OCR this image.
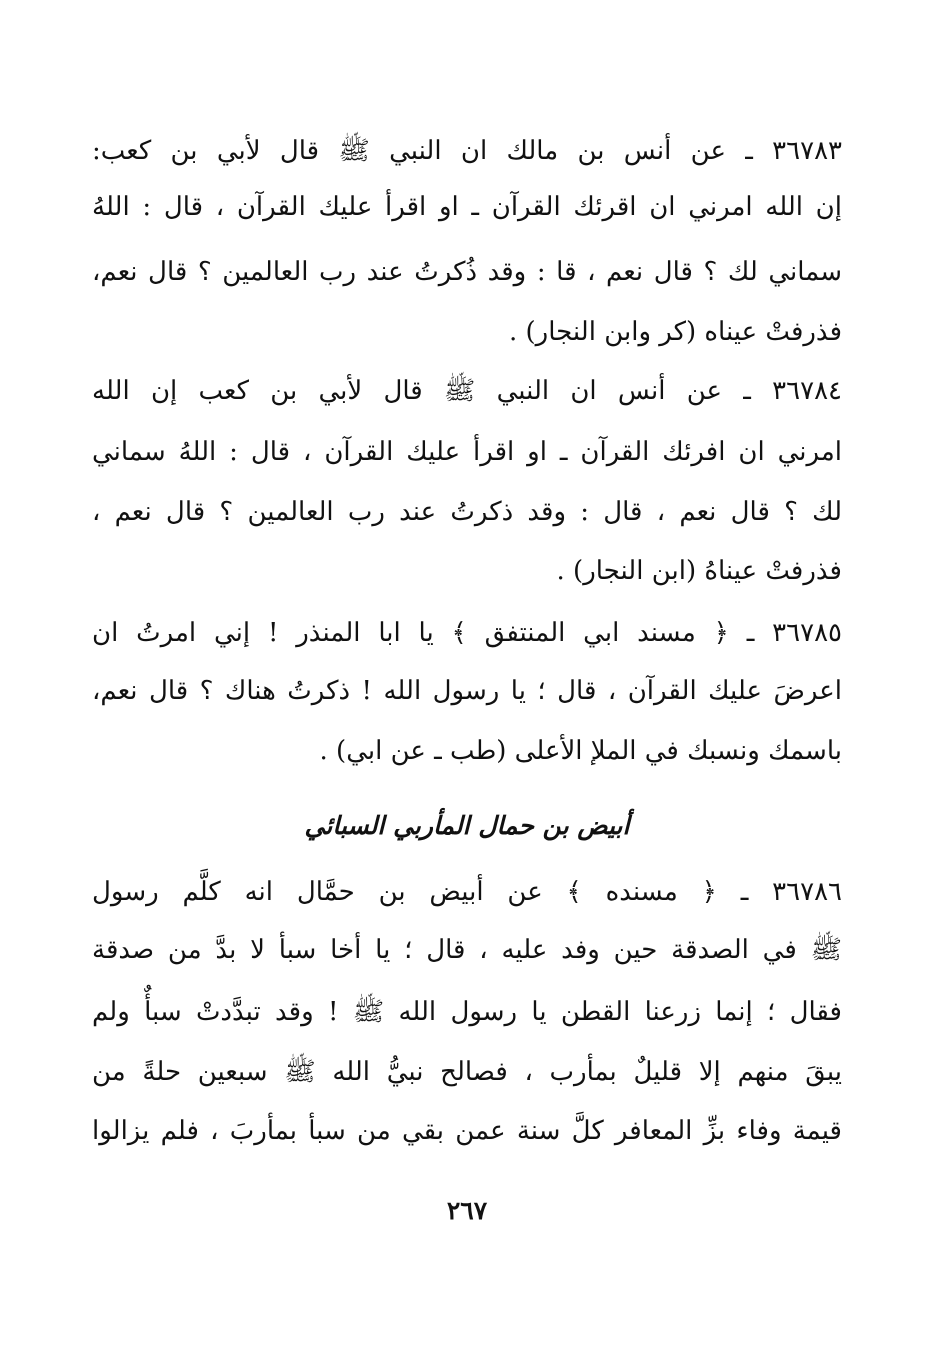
٣٦٧٨٣ ـ عن أنس بن مالك ان النبي ﷺ قال لأبي بن كعب:
إن الله امرني ان اقرئك القرآن ـ او اقرأ عليك القرآن ، قال : اللهُ
سماني لك ؟ قال نعم ، قا : وقد ذُكرتُ عند رب العالمين ؟ قال نعم،
فذرفتْ عيناه (كر وابن النجار) .
٣٦٧٨٤ ـ عن أنس ان النبي ﷺ قال لأبي بن كعب إن الله
امرني ان افرئك القرآن ـ او اقرأ عليك القرآن ، قال : اللهُ سماني
لك ؟ قال نعم ، قال : وقد ذكرتُ عند رب العالمين ؟ قال نعم ،
فذرفتْ عيناهُ (ابن النجار) .
٣٦٧٨٥ ـ ﴿ مسند ابي المنتفق ﴾ يا ابا المنذر ! إني امرتُ ان
اعرضَ عليك القرآن ، قال ؛ يا رسول الله ! ذكرتُ هناك ؟ قال نعم،
باسمك ونسبك في الملإ الأعلى (طب ـ عن ابي) .
أبيض بن حمال المأربي السبائي
٣٦٧٨٦ ـ ﴿ مسنده ﴾ عن أبيض بن حمَّال انه كلَّم رسول
ﷺ في الصدقة حين وفد عليه ، قال ؛ يا أخا سبأ لا بدَّ من صدقة
فقال ؛ إنما زرعنا القطن يا رسول الله ﷺ ! وقد تبدَّدتْ سبأٌ ولم
يبقَ منهم إلا قليلٌ بمأرب ، فصالح نبيُّ الله ﷺ سبعين حلةً من
قيمة وفاء بزِّ المعافر كلَّ سنة عمن بقي من سبأ بمأربَ ، فلم يزالوا
٢٦٧
